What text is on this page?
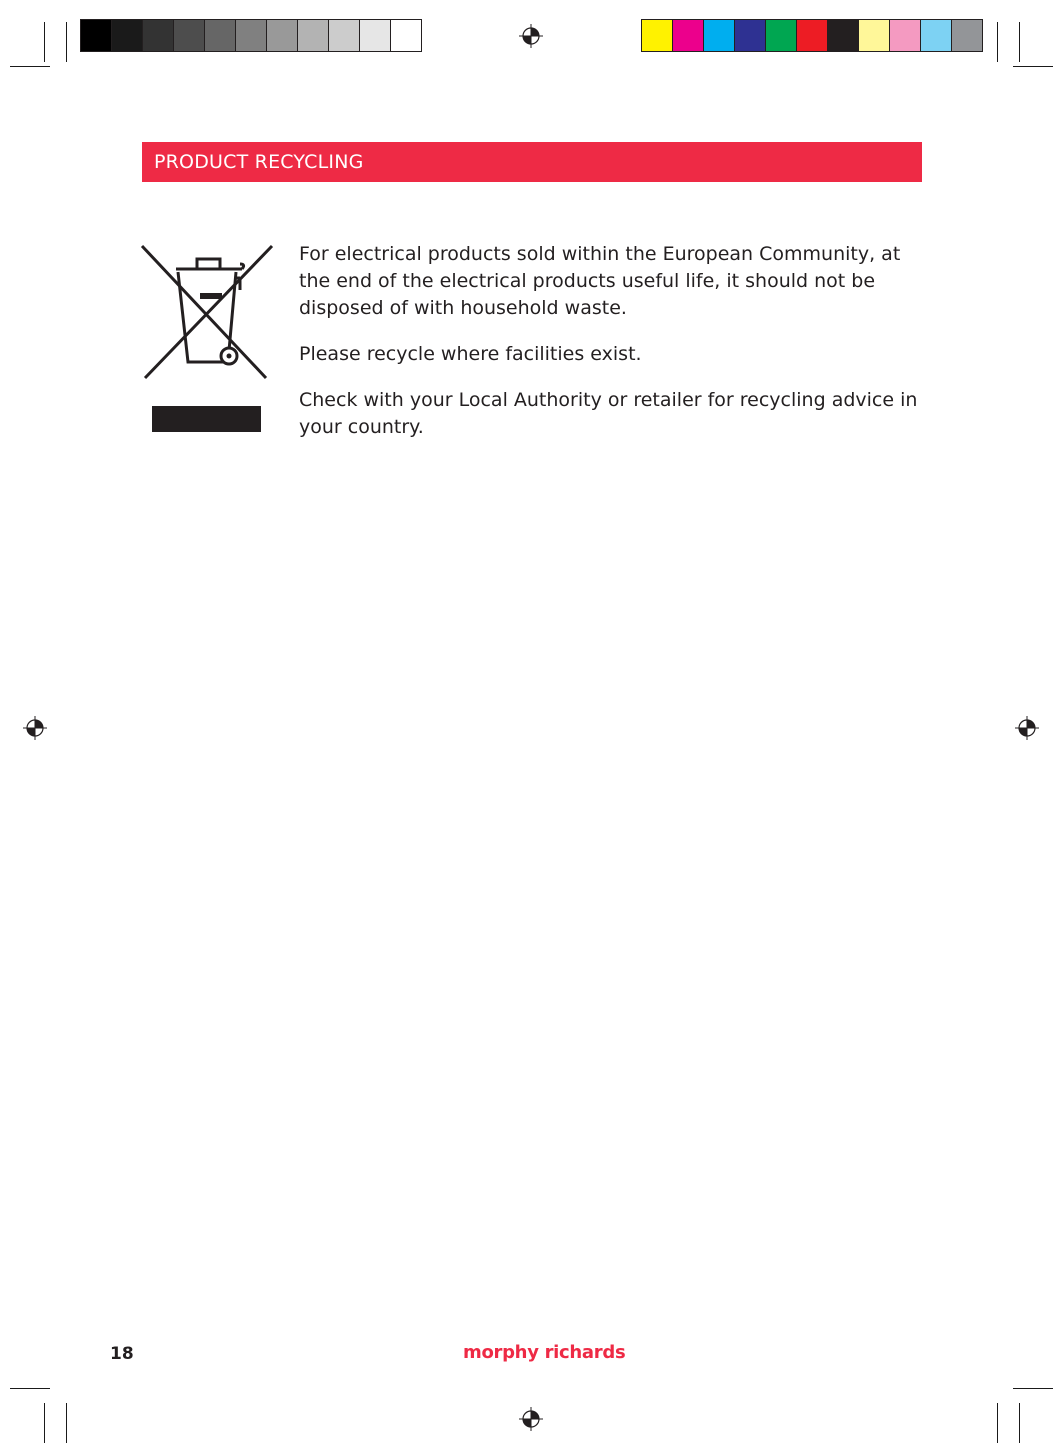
PRODUCT RECYCLING

For electrical products sold within the European Community, at the end of the electrical products useful life, it should not be disposed of with household waste.

Please recycle where facilities exist.

Check with your Local Authority or retailer for recycling advice in your country.

18	morphy richards
